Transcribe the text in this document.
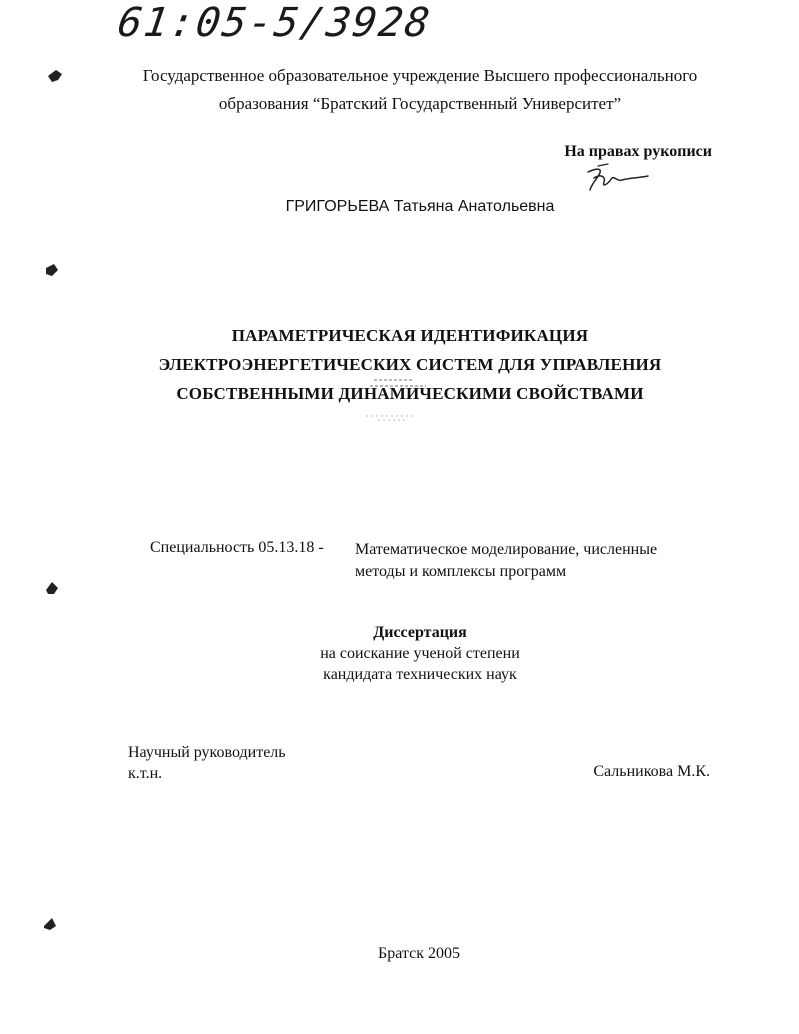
61:05-5/3928
Государственное образовательное учреждение Высшего профессионального
образования “Братский Государственный Университет”
На правах рукописи
ГРИГОРЬЕВА Татьяна Анатольевна
ПАРАМЕТРИЧЕСКАЯ ИДЕНТИФИКАЦИЯ
ЭЛЕКТРОЭНЕРГЕТИЧЕСКИХ СИСТЕМ ДЛЯ УПРАВЛЕНИЯ
СОБСТВЕННЫМИ ДИНАМИЧЕСКИМИ СВОЙСТВАМИ
Специальность 05.13.18 - Математическое моделирование, численные
методы и комплексы программ
Диссертация
на соискание ученой степени
кандидата технических наук
Научный руководитель
к.т.н.	Сальникова М.К.
Братск 2005
